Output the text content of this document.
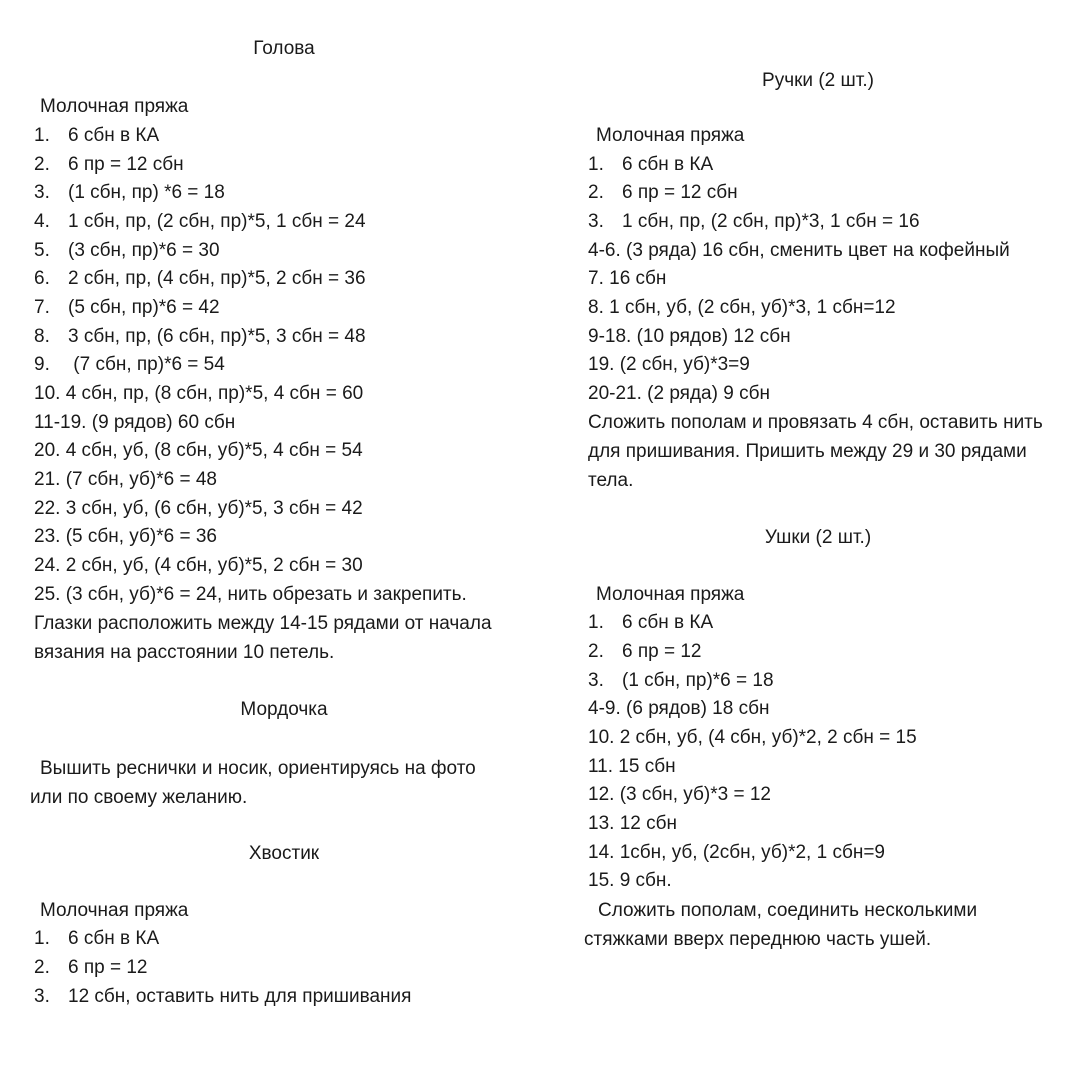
Голова
Молочная пряжа
1. 6 сбн в КА
2. 6 пр = 12 сбн
3. (1 сбн, пр) *6 = 18
4. 1 сбн, пр, (2 сбн, пр)*5, 1 сбн = 24
5. (3 сбн, пр)*6 = 30
6. 2 сбн, пр, (4 сбн, пр)*5, 2 сбн = 36
7. (5 сбн, пр)*6 = 42
8. 3 сбн, пр, (6 сбн, пр)*5, 3 сбн = 48
9. (7 сбн, пр)*6 = 54
10. 4 сбн, пр, (8 сбн, пр)*5, 4 сбн = 60
11-19. (9 рядов) 60 сбн
20. 4 сбн, уб, (8 сбн, уб)*5, 4 сбн = 54
21. (7 сбн, уб)*6 = 48
22. 3 сбн, уб, (6 сбн, уб)*5, 3 сбн = 42
23. (5 сбн, уб)*6 = 36
24. 2 сбн, уб, (4 сбн, уб)*5, 2 сбн = 30
25. (3 сбн, уб)*6 = 24, нить обрезать и закрепить.
Глазки расположить между 14-15 рядами от начала вязания на расстоянии 10 петель.
Мордочка
Вышить реснички и носик, ориентируясь на фото или по своему желанию.
Хвостик
Молочная пряжа
1. 6 сбн в КА
2. 6 пр = 12
3. 12 сбн, оставить нить для пришивания
Ручки (2 шт.)
Молочная пряжа
1. 6 сбн в КА
2. 6 пр = 12 сбн
3. 1 сбн, пр, (2 сбн, пр)*3, 1 сбн = 16
4-6. (3 ряда) 16 сбн, сменить цвет на кофейный
7. 16 сбн
8. 1 сбн, уб, (2 сбн, уб)*3, 1 сбн=12
9-18. (10 рядов) 12 сбн
19. (2 сбн, уб)*3=9
20-21. (2 ряда) 9 сбн
Сложить пополам и провязать 4 сбн, оставить нить для пришивания. Пришить между 29 и 30 рядами тела.
Ушки (2 шт.)
Молочная пряжа
1. 6 сбн в КА
2. 6 пр = 12
3. (1 сбн, пр)*6 = 18
4-9. (6 рядов) 18 сбн
10. 2 сбн, уб, (4 сбн, уб)*2, 2 сбн = 15
11. 15 сбн
12. (3 сбн, уб)*3 = 12
13. 12 сбн
14. 1сбн, уб, (2сбн, уб)*2, 1 сбн=9
15. 9 сбн.
Сложить пополам, соединить несколькими стяжками вверх переднюю часть ушей.
